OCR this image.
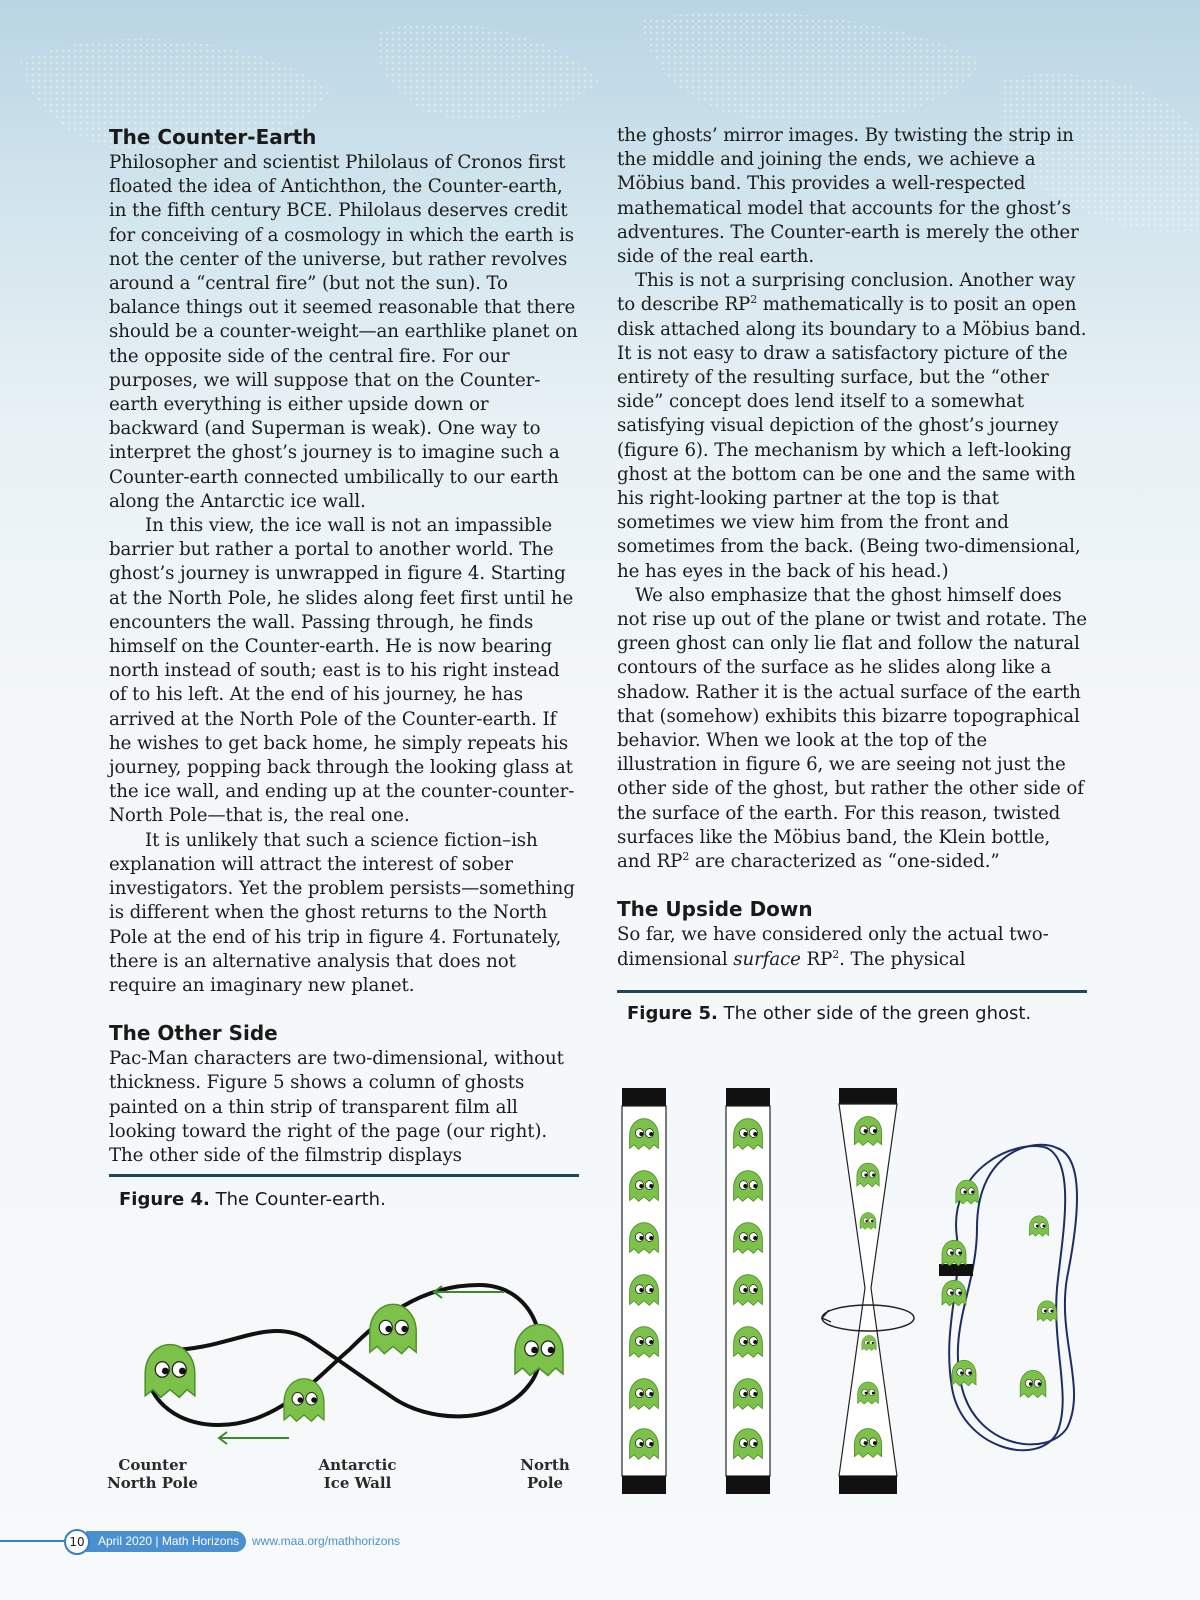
The Counter-Earth

Philosopher and scientist Philolaus of Cronos first floated the idea of Antichthon, the Counter-earth, in the fifth century BCE. Philolaus deserves credit for conceiving of a cosmology in which the earth is not the center of the universe, but rather revolves around a “central fire” (but not the sun). To balance things out it seemed reasonable that there should be a counter-weight—an earthlike planet on the opposite side of the central fire. For our purposes, we will suppose that on the Counter-earth everything is either upside down or backward (and Superman is weak). One way to interpret the ghost’s journey is to imagine such a Counter-earth connected umbilically to our earth along the Antarctic ice wall.

In this view, the ice wall is not an impassible barrier but rather a portal to another world. The ghost’s journey is unwrapped in figure 4. Starting at the North Pole, he slides along feet first until he encounters the wall. Passing through, he finds himself on the Counter-earth. He is now bearing north instead of south; east is to his right instead of to his left. At the end of his journey, he has arrived at the North Pole of the Counter-earth. If he wishes to get back home, he simply repeats his journey, popping back through the looking glass at the ice wall, and ending up at the counter-counter-North Pole—that is, the real one.

It is unlikely that such a science fiction–ish explanation will attract the interest of sober investigators. Yet the problem persists—something is different when the ghost returns to the North Pole at the end of his trip in figure 4. Fortunately, there is an alternative analysis that does not require an imaginary new planet.

The Other Side

Pac-Man characters are two-dimensional, without thickness. Figure 5 shows a column of ghosts painted on a thin strip of transparent film all looking toward the right of the page (our right). The other side of the filmstrip displays

Figure 4. The Counter-earth.

the ghosts’ mirror images. By twisting the strip in the middle and joining the ends, we achieve a Möbius band. This provides a well-respected mathematical model that accounts for the ghost’s adventures. The Counter-earth is merely the other side of the real earth.

This is not a surprising conclusion. Another way to describe $RP^2$ mathematically is to posit an open disk attached along its boundary to a Möbius band. It is not easy to draw a satisfactory picture of the entirety of the resulting surface, but the “other side” concept does lend itself to a somewhat satisfying visual depiction of the ghost’s journey (figure 6). The mechanism by which a left-looking ghost at the bottom can be one and the same with his right-looking partner at the top is that sometimes we view him from the front and sometimes from the back. (Being two-dimensional, he has eyes in the back of his head.)

We also emphasize that the ghost himself does not rise up out of the plane or twist and rotate. The green ghost can only lie flat and follow the natural contours of the surface as he slides along like a shadow. Rather it is the actual surface of the earth that (somehow) exhibits this bizarre topographical behavior. When we look at the top of the illustration in figure 6, we are seeing not just the other side of the ghost, but rather the other side of the surface of the earth. For this reason, twisted surfaces like the Möbius band, the Klein bottle, and $RP^2$ are characterized as “one-sided.”

The Upside Down

So far, we have considered only the actual two-dimensional surface $RP^2$. The physical

Figure 5. The other side of the green ghost.
Counter
North Pole
Antarctic
Ice Wall
North
Pole
April 2020 | Math Horizons
10	www.maa.org/mathhorizons
